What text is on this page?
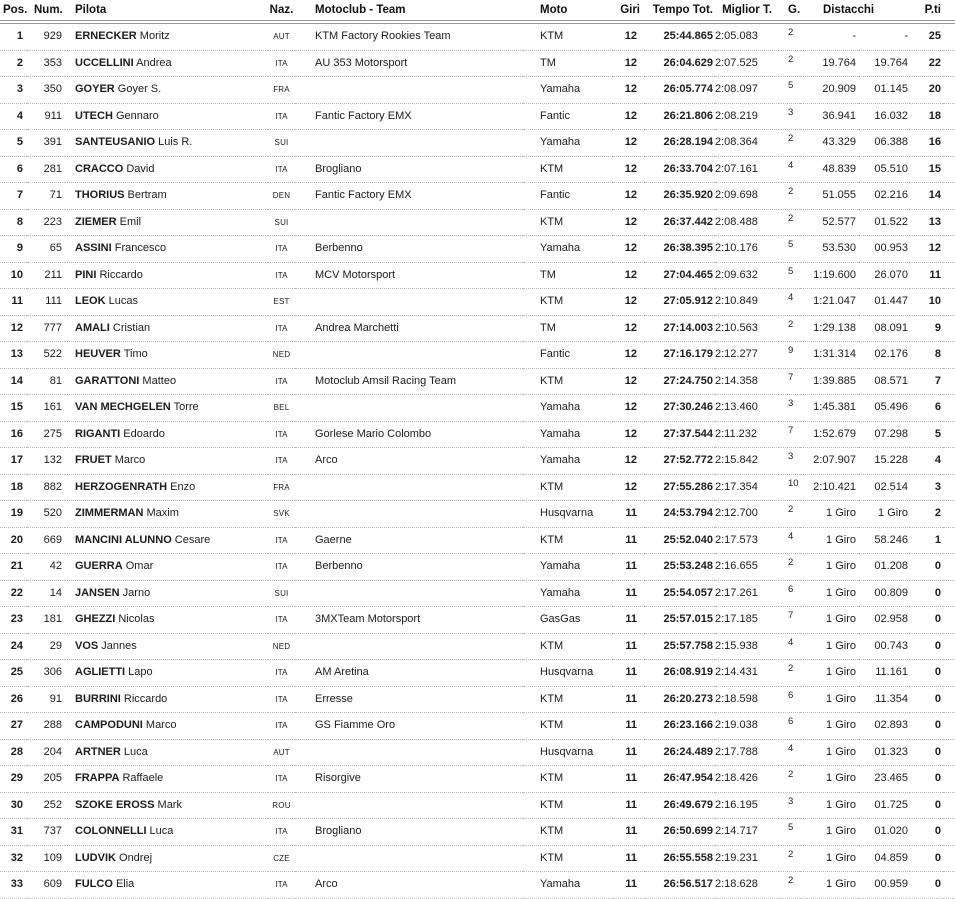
Pos.	Num.	Pilota	Naz.	Motoclub - Team	Moto	Giri	Tempo Tot.	Miglior T.	G.	Distacchi		P.ti	
1	929	ERNECKER Moritz	AUT	KTM Factory Rookies Team	KTM	12	25:44.865	2:05.083	2	-	-	25	
2	353	UCCELLINI Andrea	ITA	AU 353 Motorsport	TM	12	26:04.629	2:07.525	2	19.764	19.764	22	
3	350	GOYER Goyer S.	FRA		Yamaha	12	26:05.774	2:08.097	5	20.909	01.145	20	
4	911	UTECH Gennaro	ITA	Fantic Factory EMX	Fantic	12	26:21.806	2:08.219	3	36.941	16.032	18	
5	391	SANTEUSANIO Luis R.	SUI		Yamaha	12	26:28.194	2:08.364	2	43.329	06.388	16	
6	281	CRACCO David	ITA	Brogliano	KTM	12	26:33.704	2:07.161	4	48.839	05.510	15	
7	71	THORIUS Bertram	DEN	Fantic Factory EMX	Fantic	12	26:35.920	2:09.698	2	51.055	02.216	14	
8	223	ZIEMER Emil	SUI		KTM	12	26:37.442	2:08.488	2	52.577	01.522	13	
9	65	ASSINI Francesco	ITA	Berbenno	Yamaha	12	26:38.395	2:10.176	5	53.530	00.953	12	
10	211	PINI Riccardo	ITA	MCV Motorsport	TM	12	27:04.465	2:09.632	5	1:19.600	26.070	11	
11	111	LEOK Lucas	EST		KTM	12	27:05.912	2:10.849	4	1:21.047	01.447	10	
12	777	AMALI Cristian	ITA	Andrea Marchetti	TM	12	27:14.003	2:10.563	2	1:29.138	08.091	9	
13	522	HEUVER Timo	NED		Fantic	12	27:16.179	2:12.277	9	1:31.314	02.176	8	
14	81	GARATTONI Matteo	ITA	Motoclub Amsil Racing Team	KTM	12	27:24.750	2:14.358	7	1:39.885	08.571	7	
15	161	VAN MECHGELEN Torre	BEL		Yamaha	12	27:30.246	2:13.460	3	1:45.381	05.496	6	
16	275	RIGANTI Edoardo	ITA	Gorlese Mario Colombo	Yamaha	12	27:37.544	2:11.232	7	1:52.679	07.298	5	
17	132	FRUET Marco	ITA	Arco	Yamaha	12	27:52.772	2:15.842	3	2:07.907	15.228	4	
18	882	HERZOGENRATH Enzo	FRA		KTM	12	27:55.286	2:17.354	10	2:10.421	02.514	3	
19	520	ZIMMERMAN Maxim	SVK		Husqvarna	11	24:53.794	2:12.700	2	1 Giro	1 Giro	2	
20	669	MANCINI ALUNNO Cesare	ITA	Gaerne	KTM	11	25:52.040	2:17.573	4	1 Giro	58.246	1	
21	42	GUERRA Omar	ITA	Berbenno	Yamaha	11	25:53.248	2:16.655	2	1 Giro	01.208	0	
22	14	JANSEN Jarno	SUI		Yamaha	11	25:54.057	2:17.261	6	1 Giro	00.809	0	
23	181	GHEZZI Nicolas	ITA	3MXTeam Motorsport	GasGas	11	25:57.015	2:17.185	7	1 Giro	02.958	0	
24	29	VOS Jannes	NED		KTM	11	25:57.758	2:15.938	4	1 Giro	00.743	0	
25	306	AGLIETTI Lapo	ITA	AM Aretina	Husqvarna	11	26:08.919	2:14.431	2	1 Giro	11.161	0	
26	91	BURRINI Riccardo	ITA	Erresse	KTM	11	26:20.273	2:18.598	6	1 Giro	11.354	0	
27	288	CAMPODUNI Marco	ITA	GS Fiamme Oro	KTM	11	26:23.166	2:19.038	6	1 Giro	02.893	0	
28	204	ARTNER Luca	AUT		Husqvarna	11	26:24.489	2:17.788	4	1 Giro	01.323	0	
29	205	FRAPPA Raffaele	ITA	Risorgive	KTM	11	26:47.954	2:18.426	2	1 Giro	23.465	0	
30	252	SZOKE EROSS Mark	ROU		KTM	11	26:49.679	2:16.195	3	1 Giro	01.725	0	
31	737	COLONNELLI Luca	ITA	Brogliano	KTM	11	26:50.699	2:14.717	5	1 Giro	01.020	0	
32	109	LUDVIK Ondrej	CZE		KTM	11	26:55.558	2:19.231	2	1 Giro	04.859	0	
33	609	FULCO Elia	ITA	Arco	Yamaha	11	26:56.517	2:18.628	2	1 Giro	00.959	0	
